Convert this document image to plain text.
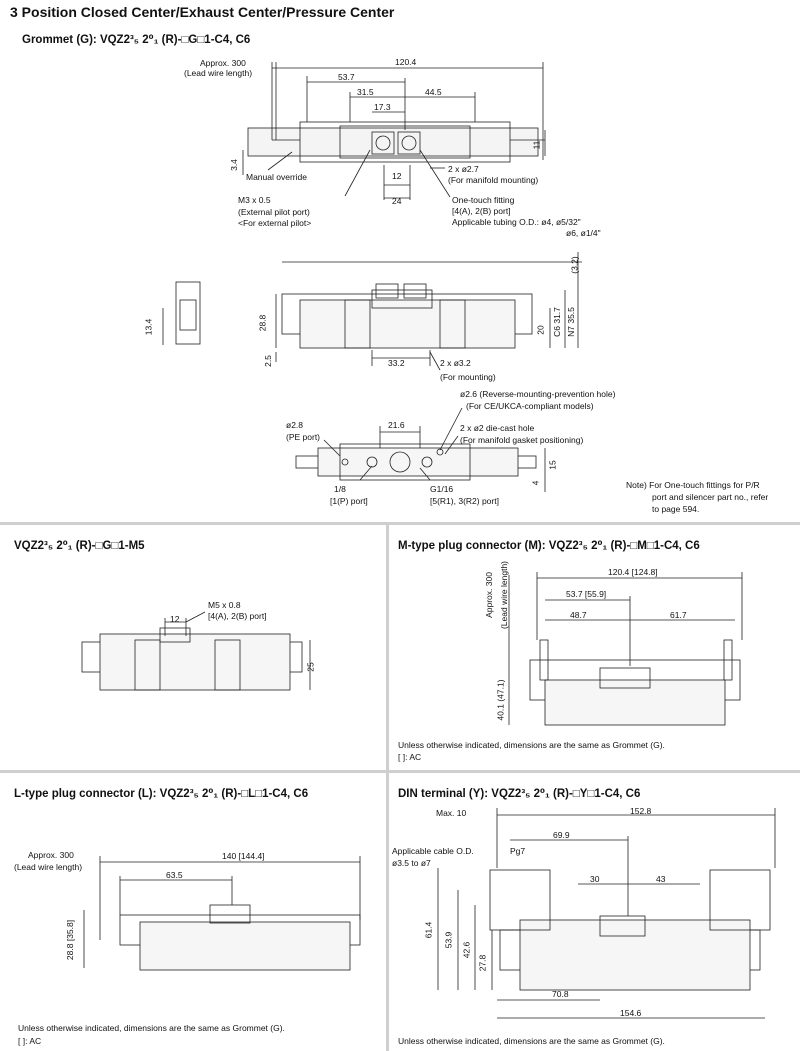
3 Position Closed Center/Exhaust Center/Pressure Center
Grommet (G): VQZ2³₅ 2⁰₁ (R)-□G□1-C4, C6
Approx. 300
(Lead wire length)
120.4
53.7
31.5	44.5
17.3
11
3.4
Manual override	12
2 x ø2.7
(For manifold mounting)
M3 x 0.5	24	One-touch fitting
(External pilot port)	[4(A), 2(B) port]
Applicable tubing O.D.: ø4, ø5/32"
<For external pilot>
ø6, ø1/4"
(3.2)
13.4	28.8	20 C6 31.7 N7 35.5
2.5	33.2	2 x ø3.2
(For mounting)
ø2.6 (Reverse-mounting-prevention hole)
(For CE/UKCA-compliant models)
2 x ø2 die-cast hole
(For manifold gasket positioning)
ø2.8
(PE port)
21.6
15
4
1/8
[1(P) port]
G1/16
[5(R1), 3(R2) port]
Note) For One-touch fittings for P/R
port and silencer part no., refer
to page 594.
VQZ2³₅ 2⁰₁ (R)-□G□1-M5
M5 x 0.8
[4(A), 2(B) port]
12
25
M-type plug connector (M): VQZ2³₅ 2⁰₁ (R)-□M□1-C4, C6
Approx. 300 (Lead wire length)	120.4 [124.8]
53.7 [55.9]
48.7	61.7
40.1 (47.1)
Unless otherwise indicated, dimensions are the same as Grommet (G).
[ ]: AC
L-type plug connector (L): VQZ2³₅ 2⁰₁ (R)-□L□1-C4, C6
Approx. 300
(Lead wire length)
140 [144.4]
63.5
28.8 [35.8]
Unless otherwise indicated, dimensions are the same as Grommet (G).
[ ]: AC
DIN terminal (Y): VQZ2³₅ 2⁰₁ (R)-□Y□1-C4, C6
Max. 10	152.8
69.9
Applicable cable O.D.	Pg7
ø3.5 to ø7
30	43
61.4
53.9
42.6
27.8
70.8
154.6
Unless otherwise indicated, dimensions are the same as Grommet (G).
